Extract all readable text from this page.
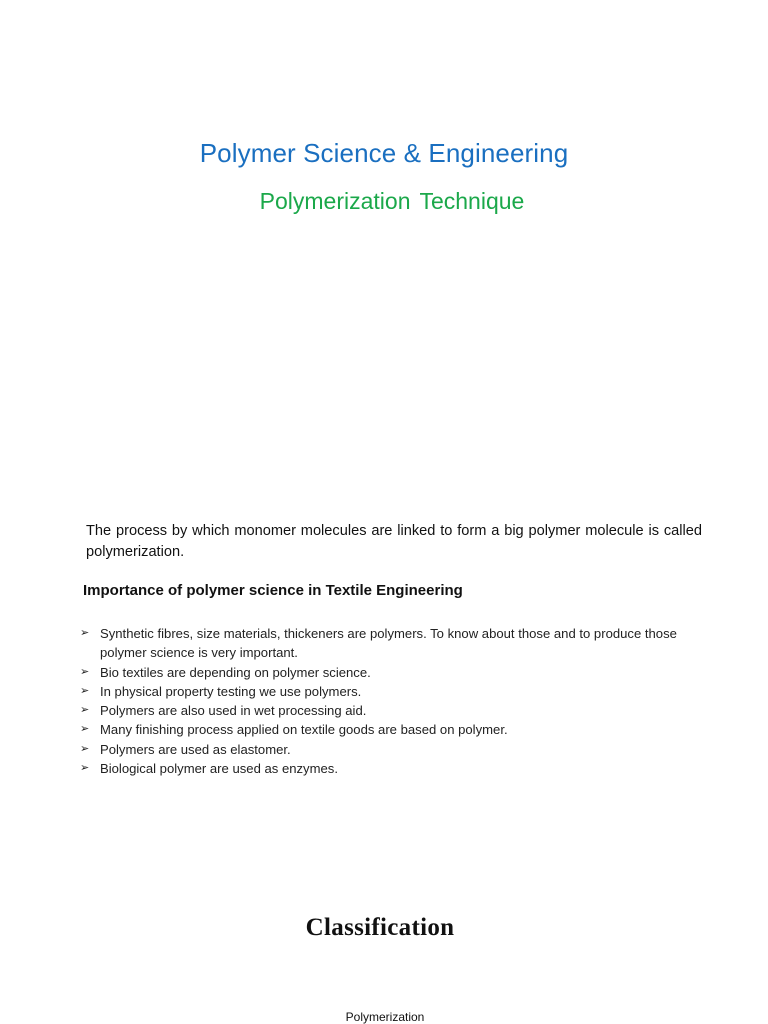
Polymer Science & Engineering
Polymerization Technique

The process by which monomer molecules are linked to form a big polymer molecule is called polymerization.

Importance of polymer science in Textile Engineering
➢ Synthetic fibres, size materials, thickeners are polymers. To know about those and to produce those polymer science is very important.
➢ Bio textiles are depending on polymer science.
➢ In physical property testing we use polymers.
➢ Polymers are also used in wet processing aid.
➢ Many finishing process applied on textile goods are based on polymer.
➢ Polymers are used as elastomer.
➢ Biological polymer are used as enzymes.
Classification

Polymerization
